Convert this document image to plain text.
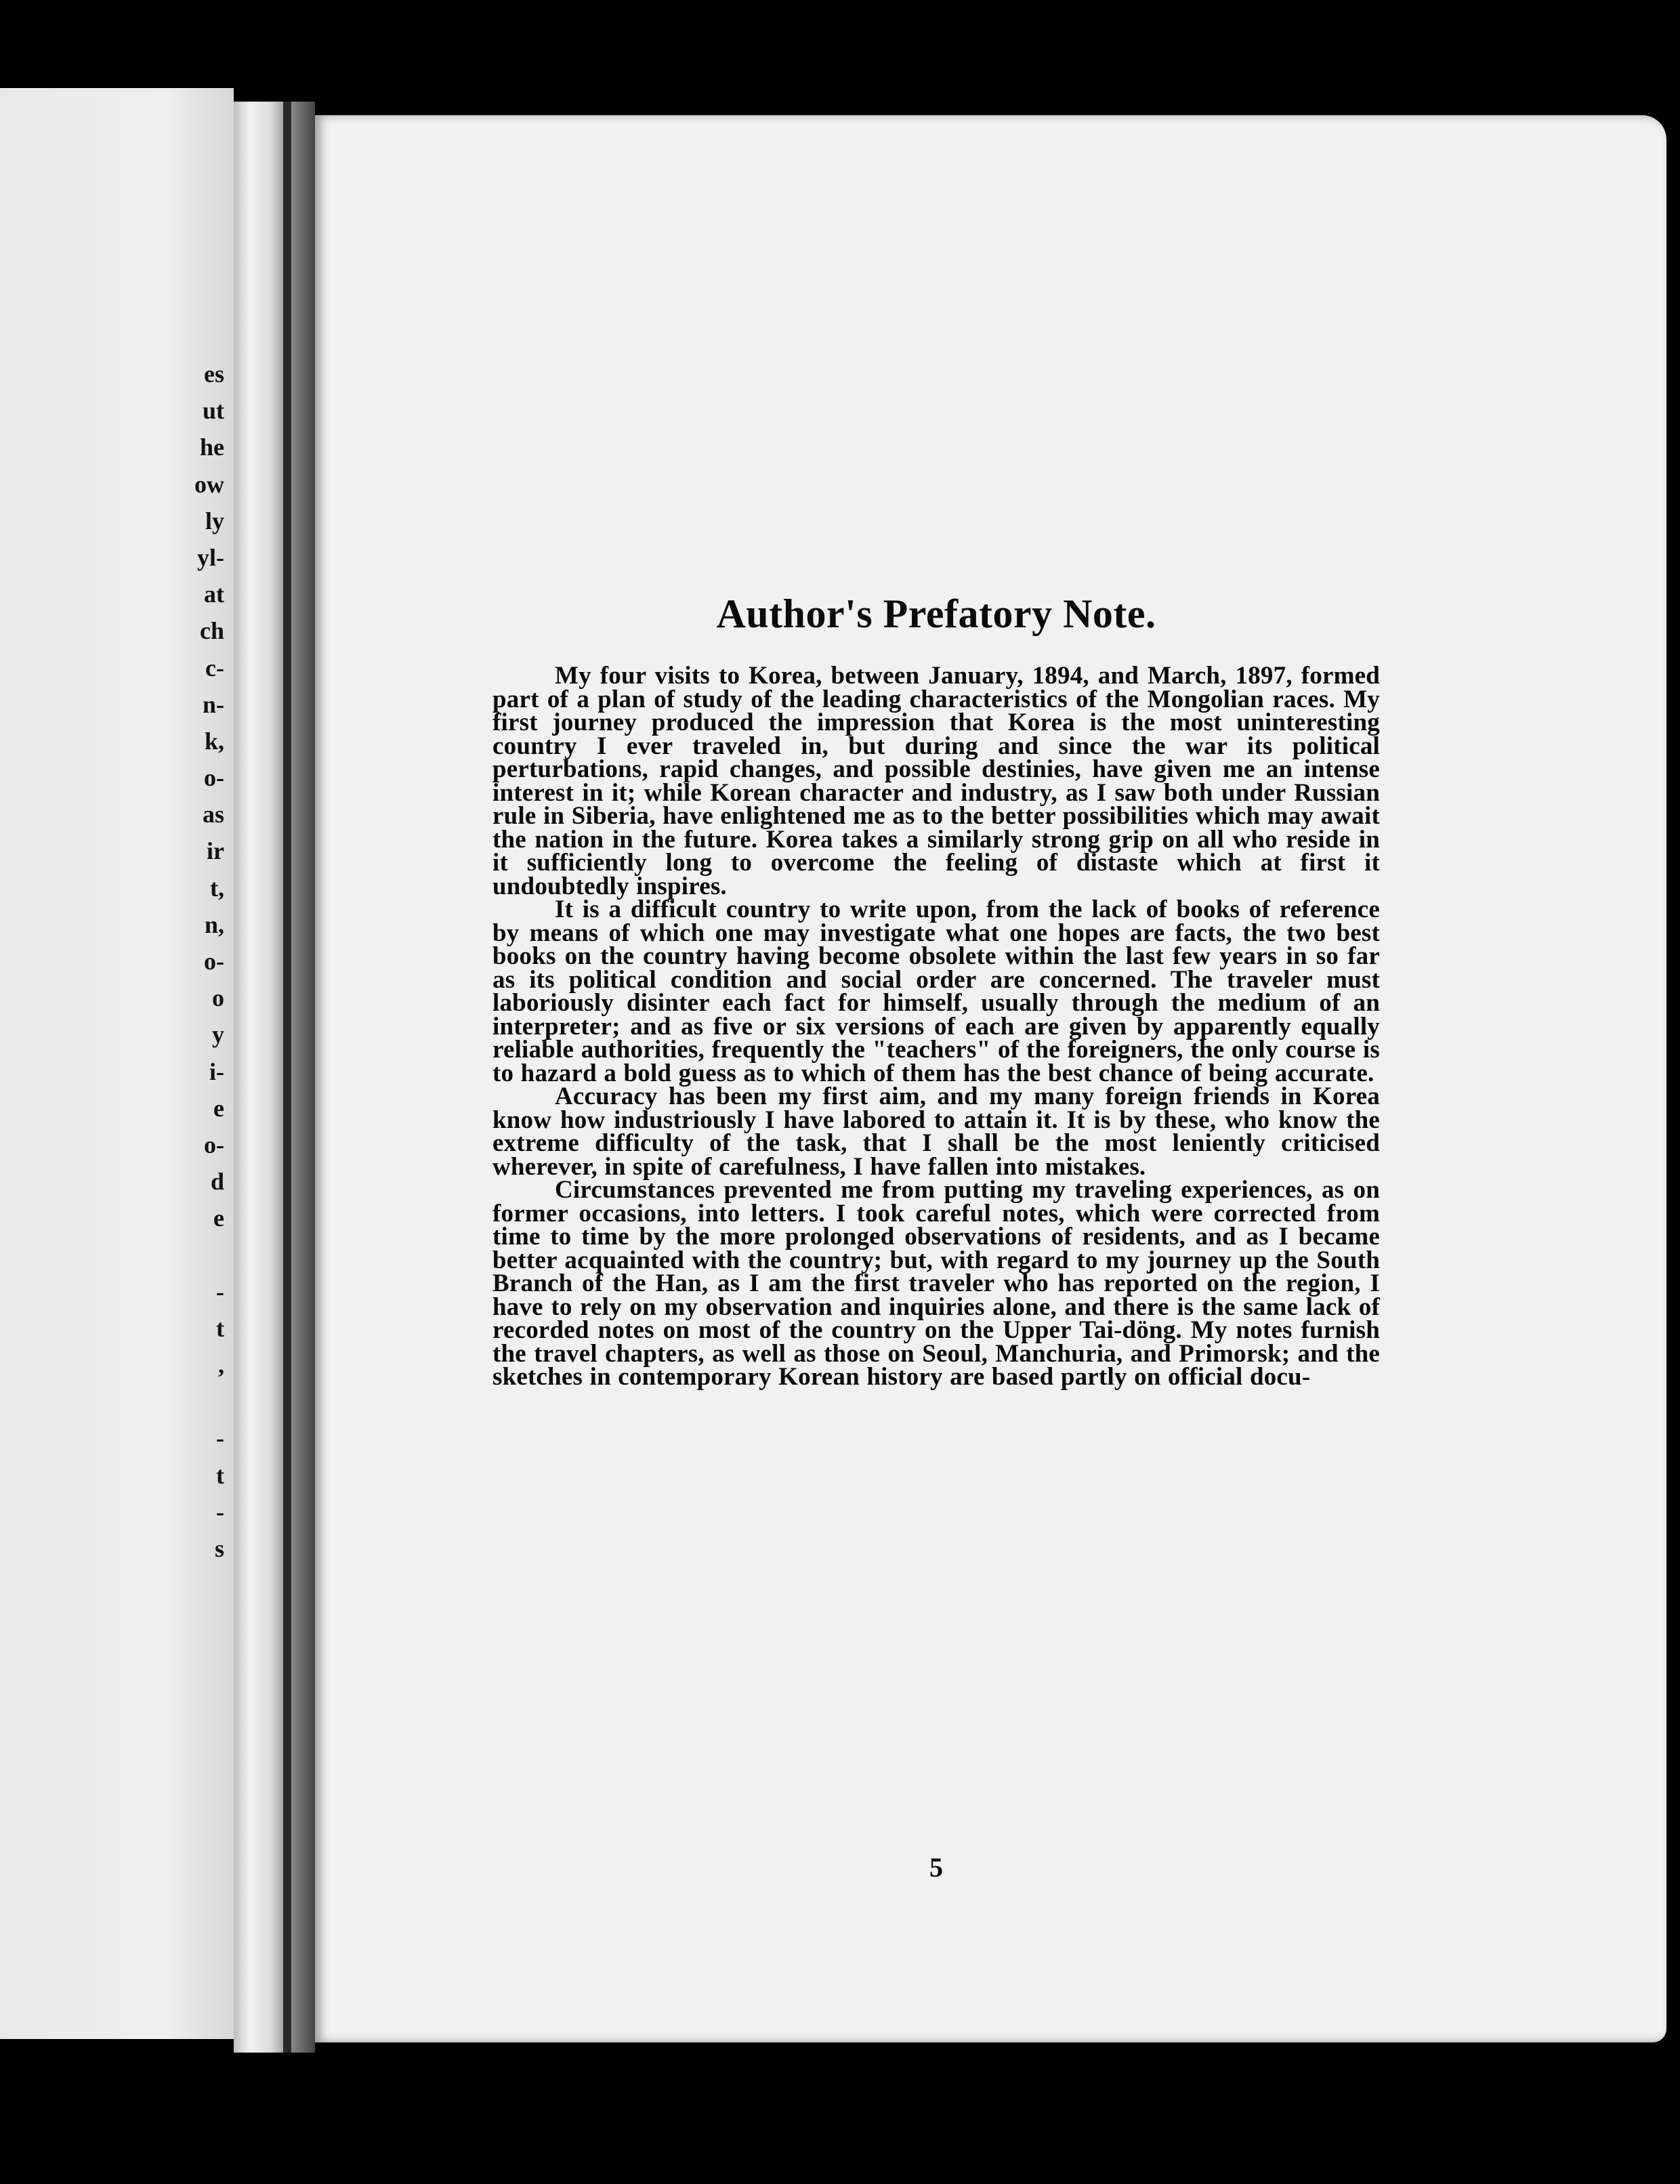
es
ut
he
ow
ly
yl-
at
ch
c-
n-
k,
o-
as
ir
t,
n,
o-
o
y
i-
e
o-
d
e
-
t
,
-
t
-
s
Author's Prefatory Note.

My four visits to Korea, between January, 1894, and March, 1897, formed part of a plan of study of the leading characteristics of the Mongolian races. My first journey produced the impression that Korea is the most uninteresting country I ever traveled in, but during and since the war its political perturbations, rapid changes, and possible destinies, have given me an intense interest in it; while Korean character and industry, as I saw both under Russian rule in Siberia, have enlightened me as to the better possibilities which may await the nation in the future. Korea takes a similarly strong grip on all who reside in it sufficiently long to overcome the feeling of distaste which at first it undoubtedly inspires.

It is a difficult country to write upon, from the lack of books of reference by means of which one may investigate what one hopes are facts, the two best books on the country having become obsolete within the last few years in so far as its political condition and social order are concerned. The traveler must laboriously disinter each fact for himself, usually through the medium of an interpreter; and as five or six versions of each are given by apparently equally reliable authorities, frequently the "teachers" of the foreigners, the only course is to hazard a bold guess as to which of them has the best chance of being accurate.

Accuracy has been my first aim, and my many foreign friends in Korea know how industriously I have labored to attain it. It is by these, who know the extreme difficulty of the task, that I shall be the most leniently criticised wherever, in spite of carefulness, I have fallen into mistakes.

Circumstances prevented me from putting my traveling experiences, as on former occasions, into letters. I took careful notes, which were corrected from time to time by the more prolonged observations of residents, and as I became better acquainted with the country; but, with regard to my journey up the South Branch of the Han, as I am the first traveler who has reported on the region, I have to rely on my observation and inquiries alone, and there is the same lack of recorded notes on most of the country on the Upper Tai-döng. My notes furnish the travel chapters, as well as those on Seoul, Manchuria, and Primorsk; and the sketches in contemporary Korean history are based partly on official docu-

5
